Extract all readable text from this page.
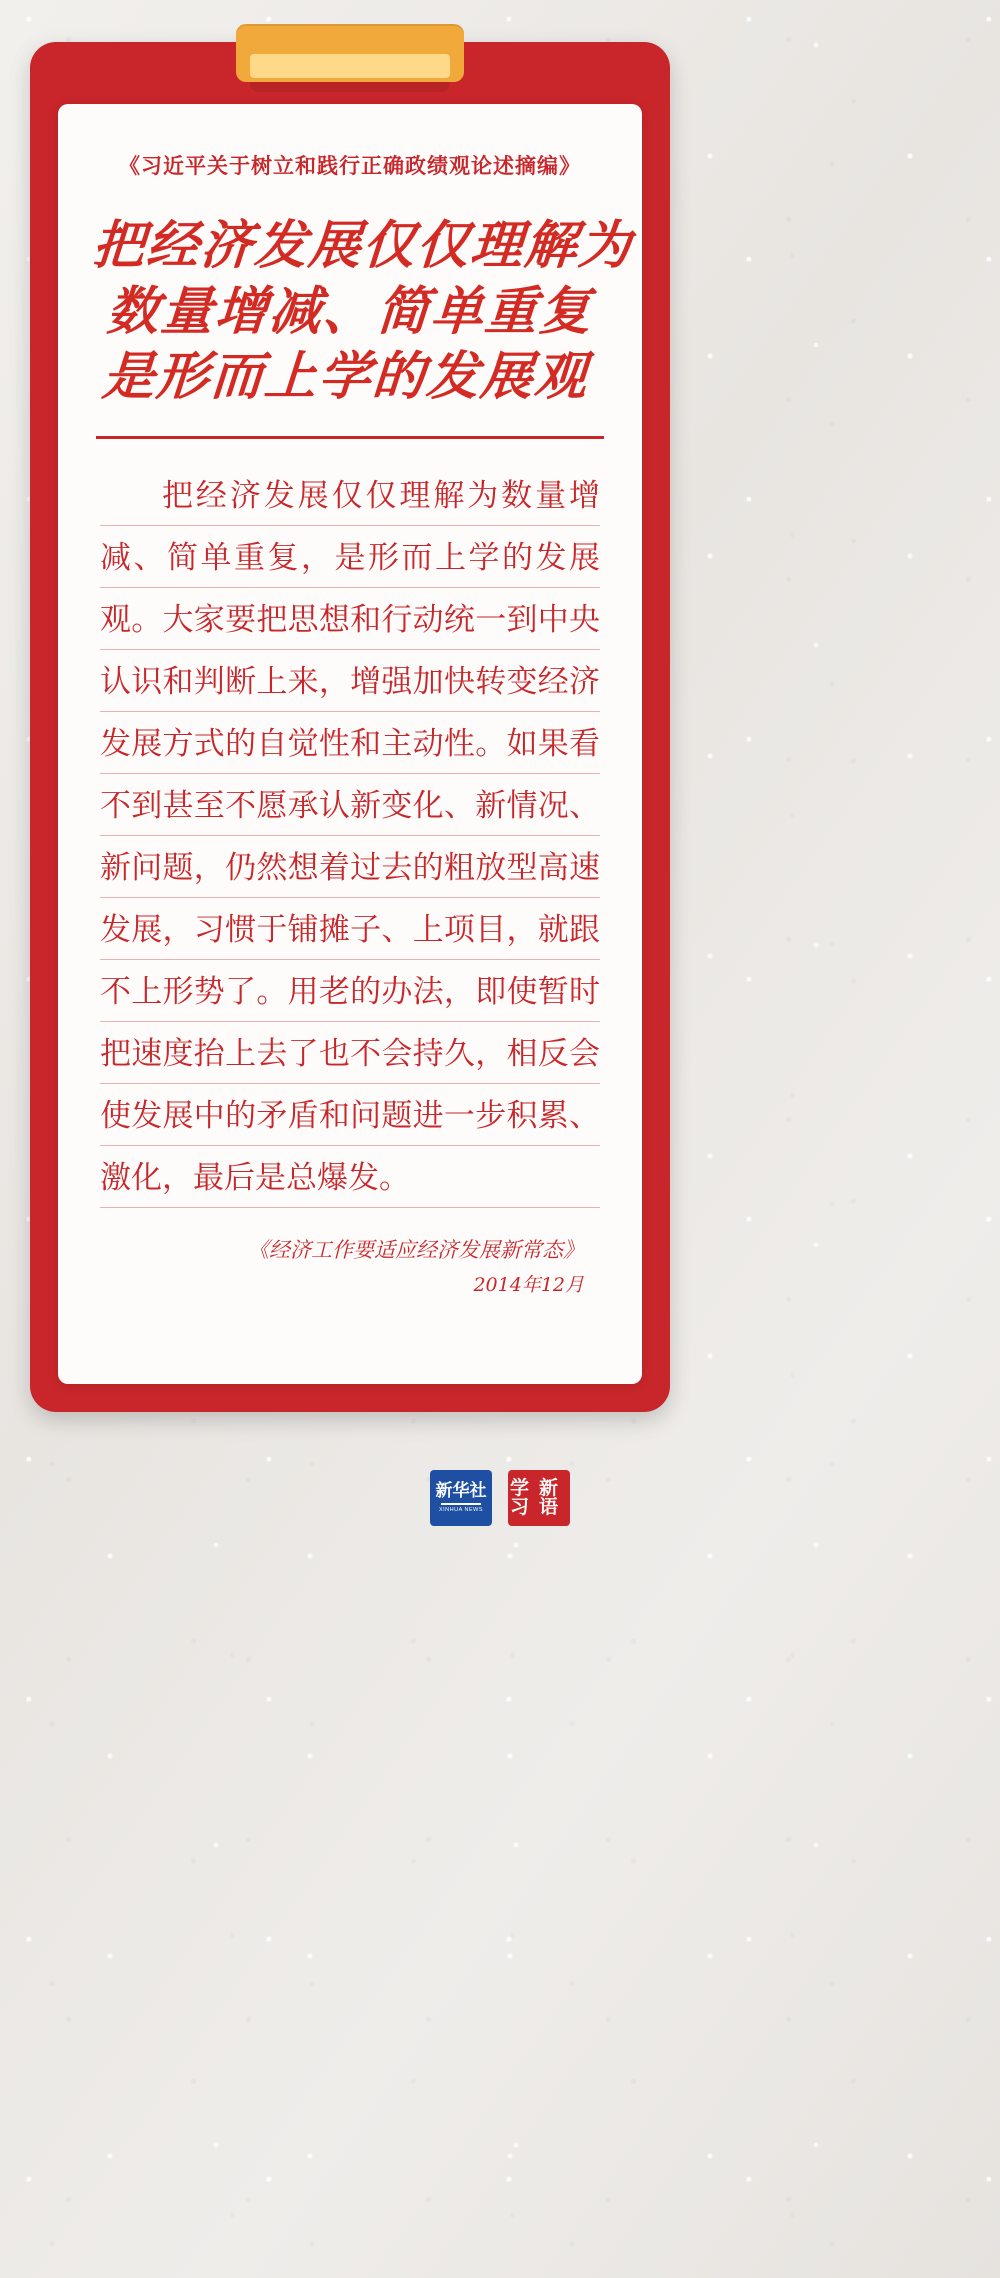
《习近平关于树立和践行正确政绩观论述摘编》
把经济发展仅仅理解为
数量增减、简单重复
是形而上学的发展观
把经济发展仅仅理解为数量增减、简单重复，是形而上学的发展观。大家要把思想和行动统一到中央认识和判断上来，增强加快转变经济发展方式的自觉性和主动性。如果看不到甚至不愿承认新变化、新情况、新问题，仍然想着过去的粗放型高速发展，习惯于铺摊子、上项目，就跟不上形势了。用老的办法，即使暂时把速度抬上去了也不会持久，相反会使发展中的矛盾和问题进一步积累、激化，最后是总爆发。
《经济工作要适应经济发展新常态》
2014年12月
新华社
XINHUA NEWS
学习
新语
